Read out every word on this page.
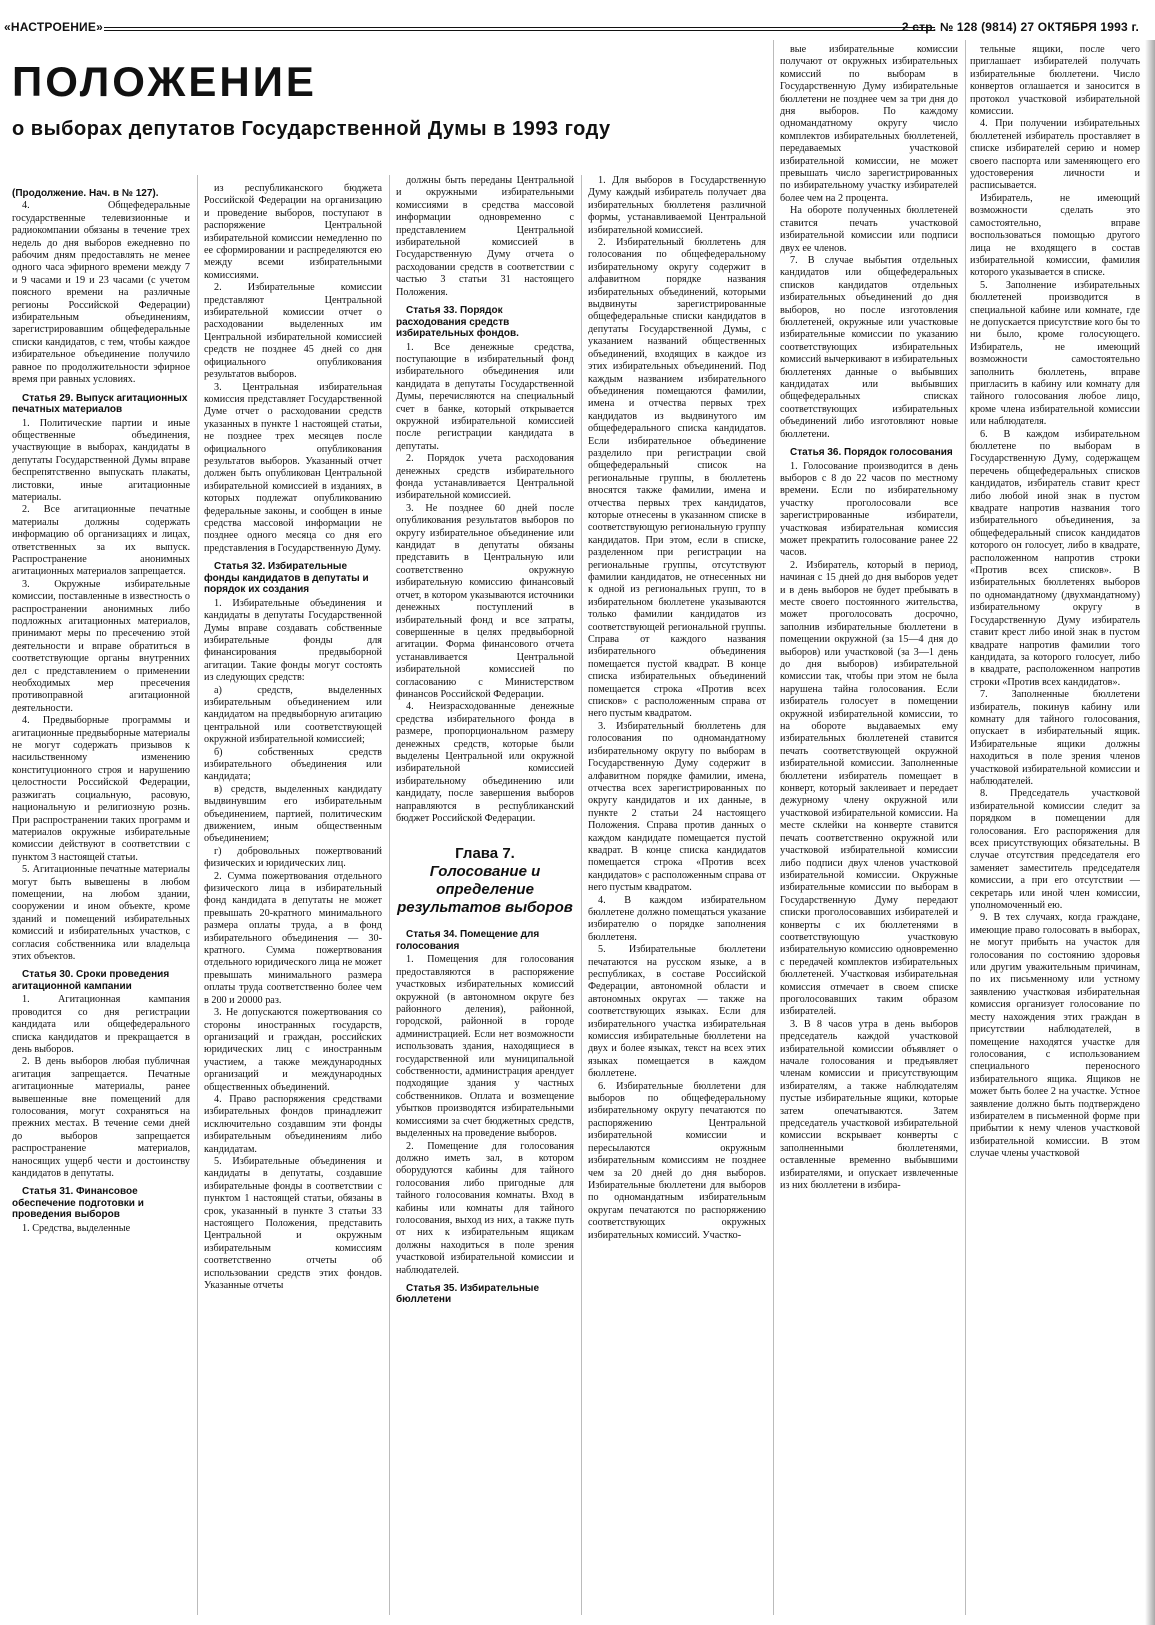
«НАСТРОЕНИЕ»	2 стр. № 128 (9814) 27 ОКТЯБРЯ 1993 г.
ПОЛОЖЕНИЕ
о выборах депутатов Государственной Думы в 1993 году

(Продолжение. Нач. в № 127).

4. Общефедеральные государственные телевизионные и радиокомпании обязаны в течение трех недель до дня выборов ежедневно по рабочим дням предоставлять не менее одного часа эфирного времени между 7 и 9 часами и 19 и 23 часами (с учетом поясного времени на различные регионы Российской Федерации) избирательным объединениям, зарегистрировавшим общефедеральные списки кандидатов, с тем, чтобы каждое избирательное объединение получило равное по продолжительности эфирное время при равных условиях.

Статья 29. Выпуск агитационных печатных материалов

1. Политические партии и иные общественные объединения, участвующие в выборах, кандидаты в депутаты Государственной Думы вправе беспрепятственно выпускать плакаты, листовки, иные агитационные материалы.

2. Все агитационные печатные материалы должны содержать информацию об организациях и лицах, ответственных за их выпуск. Распространение анонимных агитационных материалов запрещается.

3. Окружные избирательные комиссии, поставленные в известность о распространении анонимных либо подложных агитационных материалов, принимают меры по пресечению этой деятельности и вправе обратиться в соответствующие органы внутренних дел с представлением о применении необходимых мер пресечения противоправной агитационной деятельности.

4. Предвыборные программы и агитационные предвыборные материалы не могут содержать призывов к насильственному изменению конституционного строя и нарушению целостности Российской Федерации, разжигать социальную, расовую, национальную и религиозную рознь. При распространении таких программ и материалов окружные избирательные комиссии действуют в соответствии с пунктом 3 настоящей статьи.

5. Агитационные печатные материалы могут быть вывешены в любом помещении, на любом здании, сооружении и ином объекте, кроме зданий и помещений избирательных комиссий и избирательных участков, с согласия собственника или владельца этих объектов.

Статья 30. Сроки проведения агитационной кампании

1. Агитационная кампания проводится со дня регистрации кандидата или общефедерального списка кандидатов и прекращается в день выборов.

2. В день выборов любая публичная агитация запрещается. Печатные агитационные материалы, ранее вывешенные вне помещений для голосования, могут сохраняться на прежних местах. В течение семи дней до выборов запрещается распространение материалов, наносящих ущерб чести и достоинству кандидатов в депутаты.

Статья 31. Финансовое обеспечение подготовки и проведения выборов

1. Средства, выделенные

из республиканского бюджета Российской Федерации на организацию и проведение выборов, поступают в распоряжение Центральной избирательной комиссии немедленно по ее сформировании и распределяются ею между всеми избирательными комиссиями.

2. Избирательные комиссии представляют Центральной избирательной комиссии отчет о расходовании выделенных им Центральной избирательной комиссией средств не позднее 45 дней со дня официального опубликования результатов выборов.

3. Центральная избирательная комиссия представляет Государственной Думе отчет о расходовании средств указанных в пункте 1 настоящей статьи, не позднее трех месяцев после официального опубликования результатов выборов. Указанный отчет должен быть опубликован Центральной избирательной комиссией в изданиях, в которых подлежат опубликованию федеральные законы, и сообщен в иные средства массовой информации не позднее одного месяца со дня его представления в Государственную Думу.

Статья 32. Избирательные фонды кандидатов в депутаты и порядок их создания

1. Избирательные объединения и кандидаты в депутаты Государственной Думы вправе создавать собственные избирательные фонды для финансирования предвыборной агитации. Такие фонды могут состоять из следующих средств:

а) средств, выделенных избирательным объединением или кандидатом на предвыборную агитацию центральной или соответствующей окружной избирательной комиссией;

б) собственных средств избирательного объединения или кандидата;

в) средств, выделенных кандидату выдвинувшим его избирательным объединением, партией, политическим движением, иным общественным объединением;

г) добровольных пожертвований физических и юридических лиц.

2. Сумма пожертвования отдельного физического лица в избирательный фонд кандидата в депутаты не может превышать 20-кратного минимального размера оплаты труда, а в фонд избирательного объединения — 30-кратного. Сумма пожертвования отдельного юридического лица не может превышать минимального размера оплаты труда соответственно более чем в 200 и 20000 раз.

3. Не допускаются пожертвования со стороны иностранных государств, организаций и граждан, российских юридических лиц с иностранным участием, а также международных организаций и международных общественных объединений.

4. Право распоряжения средствами избирательных фондов принадлежит исключительно создавшим эти фонды избирательным объединениям либо кандидатам.

5. Избирательные объединения и кандидаты в депутаты, создавшие избирательные фонды в соответствии с пунктом 1 настоящей статьи, обязаны в срок, указанный в пункте 3 статьи 33 настоящего Положения, представить Центральной и окружным избирательным комиссиям соответственно отчеты об использовании средств этих фондов. Указанные отчеты

должны быть переданы Центральной и окружными избирательными комиссиями в средства массовой информации одновременно с представлением Центральной избирательной комиссией в Государственную Думу отчета о расходовании средств в соответствии с частью 3 статьи 31 настоящего Положения.

Статья 33. Порядок расходования средств избирательных фондов.

1. Все денежные средства, поступающие в избирательный фонд избирательного объединения или кандидата в депутаты Государственной Думы, перечисляются на специальный счет в банке, который открывается окружной избирательной комиссией после регистрации кандидата в депутаты.

2. Порядок учета расходования денежных средств избирательного фонда устанавливается Центральной избирательной комиссией.

3. Не позднее 60 дней после опубликования результатов выборов по округу избирательное объединение или кандидат в депутаты обязаны представить в Центральную или соответственно окружную избирательную комиссию финансовый отчет, в котором указываются источники денежных поступлений в избирательный фонд и все затраты, совершенные в целях предвыборной агитации. Форма финансового отчета устанавливается Центральной избирательной комиссией по согласованию с Министерством финансов Российской Федерации.

4. Неизрасходованные денежные средства избирательного фонда в размере, пропорциональном размеру денежных средств, которые были выделены Центральной или окружной избирательной комиссией избирательному объединению или кандидату, после завершения выборов направляются в республиканский бюджет Российской Федерации.

Глава 7.
Голосование и определение результатов выборов
Статья 34. Помещение для голосования

1. Помещения для голосования предоставляются в распоряжение участковых избирательных комиссий окружной (в автономном округе без районного деления), районной, городской, районной в городе администрацией. Если нет возможности использовать здания, находящиеся в государственной или муниципальной собственности, администрация арендует подходящие здания у частных собственников. Оплата и возмещение убытков производятся избирательными комиссиями за счет бюджетных средств, выделенных на проведение выборов.

2. Помещение для голосования должно иметь зал, в котором оборудуются кабины для тайного голосования либо пригодные для тайного голосования комнаты. Вход в кабины или комнаты для тайного голосования, выход из них, а также путь от них к избирательным ящикам должны находиться в поле зрения участковой избирательной комиссии и наблюдателей.

Статья 35. Избирательные бюллетени

1. Для выборов в Государственную Думу каждый избиратель получает два избирательных бюллетеня различной формы, устанавливаемой Центральной избирательной комиссией.

2. Избирательный бюллетень для голосования по общефедеральному избирательному округу содержит в алфавитном порядке названия избирательных объединений, которыми выдвинуты зарегистрированные общефедеральные списки кандидатов в депутаты Государственной Думы, с указанием названий общественных объединений, входящих в каждое из этих избирательных объединений. Под каждым названием избирательного объединения помещаются фамилии, имена и отчества первых трех кандидатов из выдвинутого им общефедерального списка кандидатов. Если избирательное объединение разделило при регистрации свой общефедеральный список на региональные группы, в бюллетень вносятся также фамилии, имена и отчества первых трех кандидатов, которые отнесены в указанном списке в соответствующую региональную группу кандидатов. При этом, если в списке, разделенном при регистрации на региональные группы, отсутствуют фамилии кандидатов, не отнесенных ни к одной из региональных групп, то в избирательном бюллетене указываются только фамилии кандидатов из соответствующей региональной группы. Справа от каждого названия избирательного объединения помещается пустой квадрат. В конце списка избирательных объединений помещается строка «Против всех списков» с расположенным справа от него пустым квадратом.

3. Избирательный бюллетень для голосования по одномандатному избирательному округу по выборам в Государственную Думу содержит в алфавитном порядке фамилии, имена, отчества всех зарегистрированных по округу кандидатов и их данные, в пункте 2 статьи 24 настоящего Положения. Справа против данных о каждом кандидате помещается пустой квадрат. В конце списка кандидатов помещается строка «Против всех кандидатов» с расположенным справа от него пустым квадратом.

4. В каждом избирательном бюллетене должно помещаться указание избирателю о порядке заполнения бюллетеня.

5. Избирательные бюллетени печатаются на русском языке, а в республиках, в составе Российской Федерации, автономной области и автономных округах — также на соответствующих языках. Если для избирательного участка избирательная комиссия избирательные бюллетени на двух и более языках, текст на всех этих языках помещается в каждом бюллетене.

6. Избирательные бюллетени для выборов по общефедеральному избирательному округу печатаются по распоряжению Центральной избирательной комиссии и пересылаются окружным избирательным комиссиям не позднее чем за 20 дней до дня выборов. Избирательные бюллетени для выборов по одномандатным избирательным округам печатаются по распоряжению соответствующих окружных избирательных комиссий. Участко-

вые избирательные комиссии получают от окружных избирательных комиссий по выборам в Государственную Думу избирательные бюллетени не позднее чем за три дня до дня выборов. По каждому одномандатному округу число комплектов избирательных бюллетеней, передаваемых участковой избирательной комиссии, не может превышать число зарегистрированных по избирательному участку избирателей более чем на 2 процента.

На обороте полученных бюллетеней ставится печать участковой избирательной комиссии или подписи двух ее членов.

7. В случае выбытия отдельных кандидатов или общефедеральных списков кандидатов отдельных избирательных объединений до дня выборов, но после изготовления бюллетеней, окружные или участковые избирательные комиссии по указанию соответствующих избирательных комиссий вычеркивают в избирательных бюллетенях данные о выбывших кандидатах или выбывших общефедеральных списках соответствующих избирательных объединений либо изготовляют новые бюллетени.

Статья 36. Порядок голосования

1. Голосование производится в день выборов с 8 до 22 часов по местному времени. Если по избирательному участку проголосовали все зарегистрированные избиратели, участковая избирательная комиссия может прекратить голосование ранее 22 часов.

2. Избиратель, который в период, начиная с 15 дней до дня выборов уедет и в день выборов не будет пребывать в месте своего постоянного жительства, может проголосовать досрочно, заполнив избирательные бюллетени в помещении окружной (за 15—4 дня до выборов) или участковой (за 3—1 день до дня выборов) избирательной комиссии так, чтобы при этом не была нарушена тайна голосования. Если избиратель голосует в помещении окружной избирательной комиссии, то на обороте выдаваемых ему избирательных бюллетеней ставится печать соответствующей окружной избирательной комиссии. Заполненные бюллетени избиратель помещает в конверт, который заклеивает и передает дежурному члену окружной или участковой избирательной комиссии. На месте склейки на конверте ставится печать соответственно окружной или участковой избирательной комиссии либо подписи двух членов участковой избирательной комиссии. Окружные избирательные комиссии по выборам в Государственную Думу передают списки проголосовавших избирателей и конверты с их бюллетенями в соответствующую участковую избирательную комиссию одновременно с передачей комплектов избирательных бюллетеней. Участковая избирательная комиссия отмечает в своем списке проголосовавших таким образом избирателей.

3. В 8 часов утра в день выборов председатель каждой участковой избирательной комиссии объявляет о начале голосования и предъявляет членам комиссии и присутствующим избирателям, а также наблюдателям пустые избирательные ящики, которые затем опечатываются. Затем председатель участковой избирательной комиссии вскрывает конверты с заполненными бюллетенями, оставленные временно выбывшими избирателями, и опускает извлеченные из них бюллетени в избира-

тельные ящики, после чего приглашает избирателей получать избирательные бюллетени. Число конвертов оглашается и заносится в протокол участковой избирательной комиссии.

4. При получении избирательных бюллетеней избиратель проставляет в списке избирателей серию и номер своего паспорта или заменяющего его удостоверения личности и расписывается.

Избиратель, не имеющий возможности сделать это самостоятельно, вправе воспользоваться помощью другого лица не входящего в состав избирательной комиссии, фамилия которого указывается в списке.

5. Заполнение избирательных бюллетеней производится в специальной кабине или комнате, где не допускается присутствие кого бы то ни было, кроме голосующего. Избиратель, не имеющий возможности самостоятельно заполнить бюллетень, вправе пригласить в кабину или комнату для тайного голосования любое лицо, кроме члена избирательной комиссии или наблюдателя.

6. В каждом избирательном бюллетене по выборам в Государственную Думу, содержащем перечень общефедеральных списков кандидатов, избиратель ставит крест либо любой иной знак в пустом квадрате напротив названия того избирательного объединения, за общефедеральный список кандидатов которого он голосует, либо в квадрате, расположенном напротив строки «Против всех списков». В избирательных бюллетенях выборов по одномандатному (двухмандатному) избирательному округу в Государственную Думу избиратель ставит крест либо иной знак в пустом квадрате напротив фамилии того кандидата, за которого голосует, либо в квадрате, расположенном напротив строки «Против всех кандидатов».

7. Заполненные бюллетени избиратель, покинув кабину или комнату для тайного голосования, опускает в избирательный ящик. Избирательные ящики должны находиться в поле зрения членов участковой избирательной комиссии и наблюдателей.

8. Председатель участковой избирательной комиссии следит за порядком в помещении для голосования. Его распоряжения для всех присутствующих обязательны. В случае отсутствия председателя его заменяет заместитель председателя комиссии, а при его отсутствии — секретарь или иной член комиссии, уполномоченный ею.

9. В тех случаях, когда граждане, имеющие право голосовать в выборах, не могут прибыть на участок для голосования по состоянию здоровья или другим уважительным причинам, по их письменному или устному заявлению участковая избирательная комиссия организует голосование по месту нахождения этих граждан в присутствии наблюдателей, в помещение находятся участке для голосования, с использованием специального переносного избирательного ящика. Ящиков не может быть более 2 на участке. Устное заявление должно быть подтверждено избирателем в письменной форме при прибытии к нему членов участковой избирательной комиссии. В этом случае члены участковой
